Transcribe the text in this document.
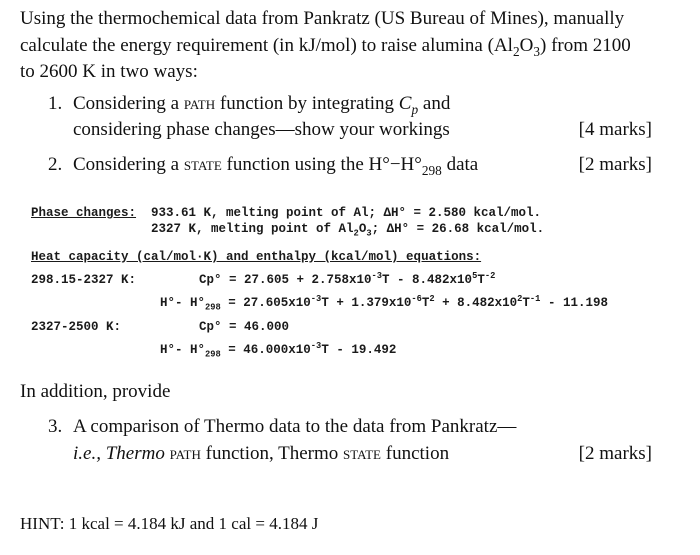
Using the thermochemical data from Pankratz (US Bureau of Mines), manually
calculate the energy requirement (in kJ/mol) to raise alumina $(Al_2O_3)$ from 2100
to 2600 K in two ways:
1. Considering a path function by integrating $C_p$ and
considering phase changes—show your workings	[4 marks]
2. Considering a state function using the $H^\circ-H^\circ_{298}$ data	[2 marks]
Phase changes: 933.61 K, melting point of Al; ΔH° = 2.580 kcal/mol.
2327 K, melting point of $Al_2O_3$; ΔH° = 26.68 kcal/mol.
Heat capacity (cal/mol·K) and enthalpy (kcal/mol) equations:
298.15-2327 K:	$Cp^\circ = 27.605 + 2.758x10^{-3}T - 8.482x10^5T^{-2}$
H°- $H^\circ_{298} = 27.605x10^{-3}T + 1.379x10^{-6}T^2 + 8.482x10^2T^{-1} - 11.198$
2327-2500 K:	Cp° = 46.000
H°- $H^\circ_{298} = 46.000x10^{-3}T - 19.492$
In addition, provide
3. A comparison of Thermo data to the data from Pankratz—
i.e., Thermo path function, Thermo state function	[2 marks]
HINT: 1 kcal = 4.184 kJ and 1 cal = 4.184 J
